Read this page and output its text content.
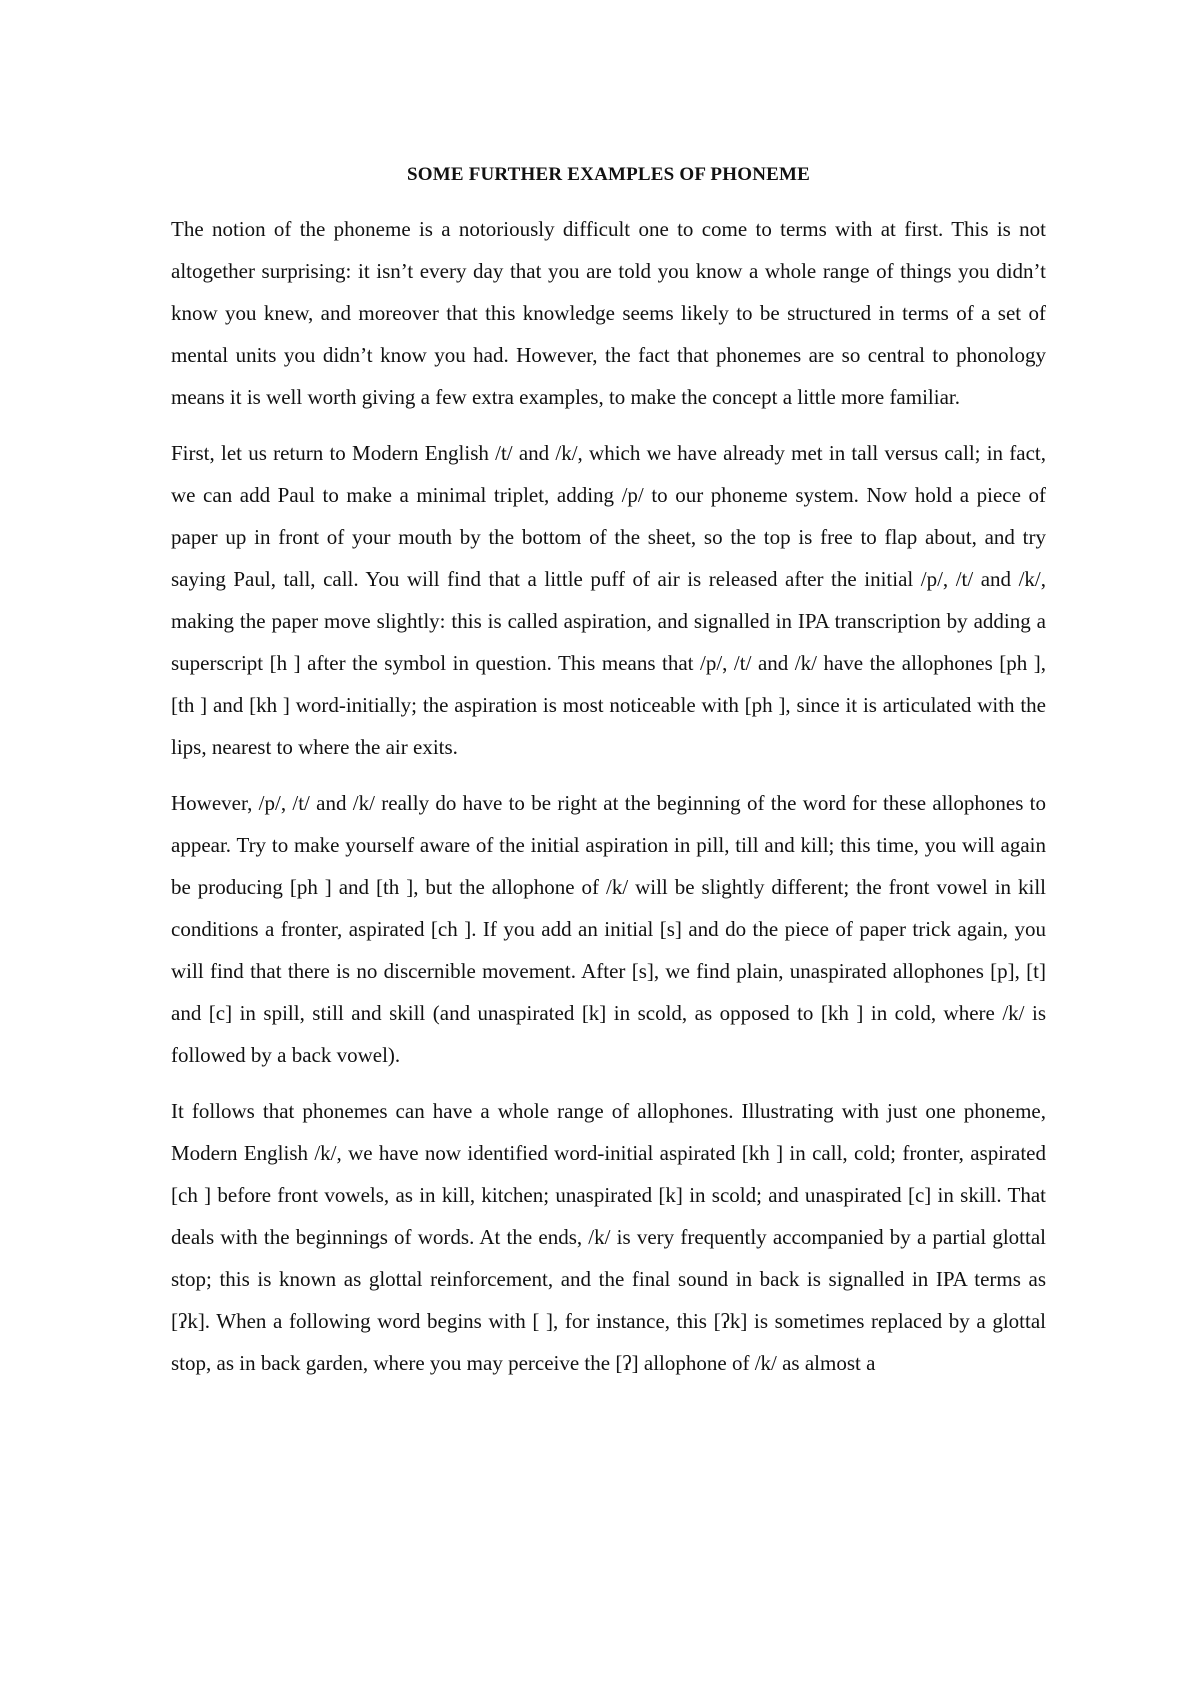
SOME FURTHER EXAMPLES OF PHONEME

The notion of the phoneme is a notoriously difficult one to come to terms with at first. This is not altogether surprising: it isn’t every day that you are told you know a whole range of things you didn’t know you knew, and moreover that this knowledge seems likely to be structured in terms of a set of mental units you didn’t know you had. However, the fact that phonemes are so central to phonology means it is well worth giving a few extra examples, to make the concept a little more familiar.

First, let us return to Modern English /t/ and /k/, which we have already met in tall versus call; in fact, we can add Paul to make a minimal triplet, adding /p/ to our phoneme system. Now hold a piece of paper up in front of your mouth by the bottom of the sheet, so the top is free to flap about, and try saying Paul, tall, call. You will find that a little puff of air is released after the initial /p/, /t/ and /k/, making the paper move slightly: this is called aspiration, and signalled in IPA transcription by adding a superscript [h ] after the symbol in question. This means that /p/, /t/ and /k/ have the allophones [ph ], [th ] and [kh ] word-initially; the aspiration is most noticeable with [ph ], since it is articulated with the lips, nearest to where the air exits.

However, /p/, /t/ and /k/ really do have to be right at the beginning of the word for these allophones to appear. Try to make yourself aware of the initial aspiration in pill, till and kill; this time, you will again be producing [ph ] and [th ], but the allophone of /k/ will be slightly different; the front vowel in kill conditions a fronter, aspirated [ch ]. If you add an initial [s] and do the piece of paper trick again, you will find that there is no discernible movement. After [s], we find plain, unaspirated allophones [p], [t] and [c] in spill, still and skill (and unaspirated [k] in scold, as opposed to [kh ] in cold, where /k/ is followed by a back vowel).

It follows that phonemes can have a whole range of allophones. Illustrating with just one phoneme, Modern English /k/, we have now identified word-initial aspirated [kh ] in call, cold; fronter, aspirated [ch ] before front vowels, as in kill, kitchen; unaspirated [k] in scold; and unaspirated [c] in skill. That deals with the beginnings of words. At the ends, /k/ is very frequently accompanied by a partial glottal stop; this is known as glottal reinforcement, and the final sound in back is signalled in IPA terms as [ʔk]. When a following word begins with [ ], for instance, this [ʔk] is sometimes replaced by a glottal stop, as in back garden, where you may perceive the [ʔ] allophone of /k/ as almost a
